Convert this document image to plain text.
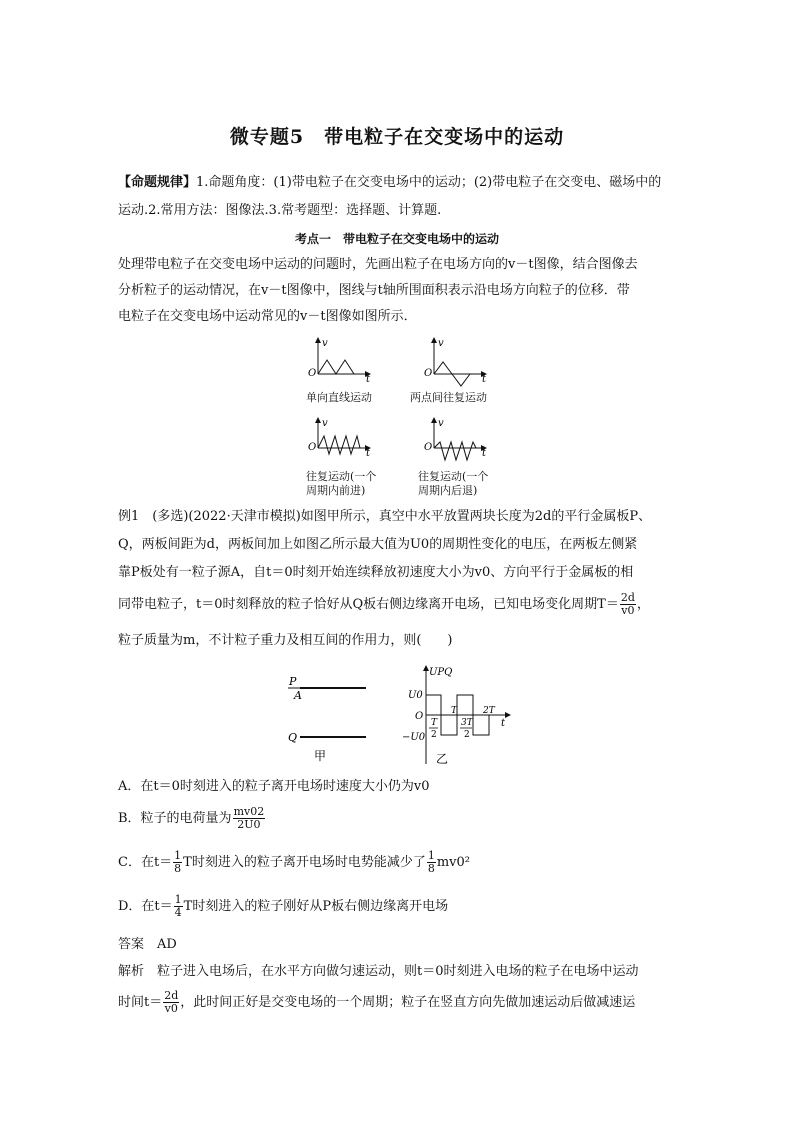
微专题5　带电粒子在交变场中的运动
【命题规律】1.命题角度：(1)带电粒子在交变电场中的运动；(2)带电粒子在交变电、磁场中的
运动.2.常用方法：图像法.3.常考题型：选择题、计算题.
考点一　带电粒子在交变电场中的运动
处理带电粒子在交变电场中运动的问题时，先画出粒子在电场方向的v－t图像，结合图像去
分析粒子的运动情况，在v－t图像中，图线与t轴所围面积表示沿电场方向粒子的位移．带
电粒子在交变电场中运动常见的v－t图像如图所示．
v
O
t
v
O
t
v
O
t
v
O
t
单向直线运动	两点间往复运动
往复运动(一个
周期内前进)
往复运动(一个
周期内后退)
例1　(多选)(2022·天津市模拟)如图甲所示，真空中水平放置两块长度为2d的平行金属板P、
Q，两板间距为d，两板间加上如图乙所示最大值为U0的周期性变化的电压，在两板左侧紧
靠P板处有一粒子源A，自t＝0时刻开始连续释放初速度大小为v0、方向平行于金属板的相
同带电粒子，t＝0时刻释放的粒子恰好从Q板右侧边缘离开电场，已知电场变化周期$T= \frac{2d}{v0}$ ，
粒子质量为m，不计粒子重力及相互间的作用力，则(　　)
P
A
Q
甲
UPQ
U0
−U0
O
t
T
2
T
3T
2
2T
乙
A．在t＝0时刻进入的粒子离开电场时速度大小仍为v0
B．粒子的电荷量为 $\frac{mv02}{2U0}$
C．在$t= \frac{1}{8}$ T时刻进入的粒子离开电场时电势能减少了 $\frac{1}{8} mv0^2$
D．在$t= \frac{1}{4}$ T时刻进入的粒子刚好从P板右侧边缘离开电场
答案　AD
解析　粒子进入电场后，在水平方向做匀速运动，则t＝0时刻进入电场的粒子在电场中运动
时间$t= \frac{2d}{v0}$ ，此时间正好是交变电场的一个周期；粒子在竖直方向先做加速运动后做减速运
